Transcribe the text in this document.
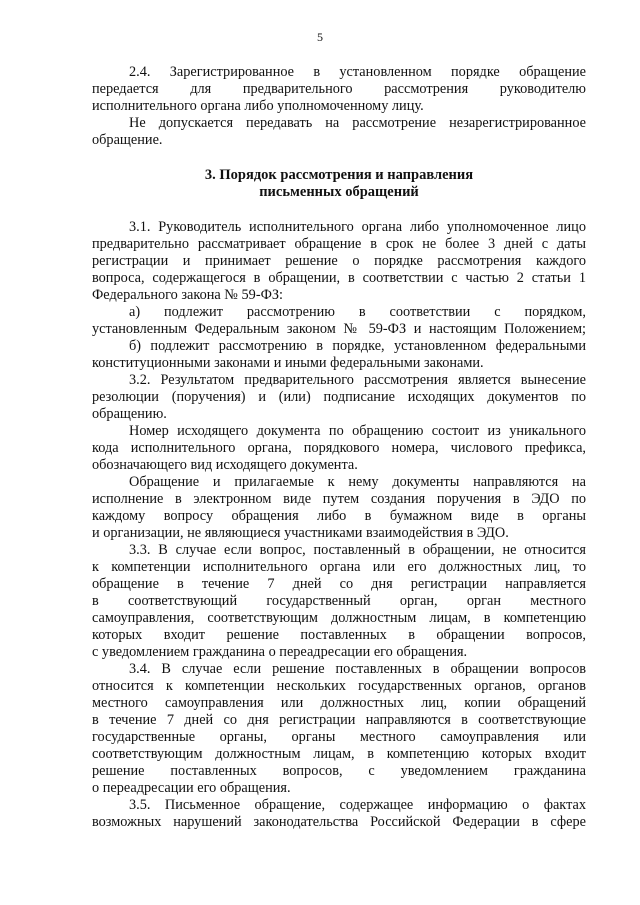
5
2.4. Зарегистрированное в установленном порядке обращение
передается для предварительного рассмотрения руководителю
исполнительного органа либо уполномоченному лицу.
Не допускается передавать на рассмотрение незарегистрированное
обращение.
3. Порядок рассмотрения и направления
письменных обращений
3.1. Руководитель исполнительного органа либо уполномоченное лицо
предварительно рассматривает обращение в срок не более 3 дней с даты
регистрации и принимает решение о порядке рассмотрения каждого
вопроса, содержащегося в обращении, в соответствии с частью 2 статьи 1
Федерального закона № 59-ФЗ:
а) подлежит рассмотрению в соответствии с порядком,
установленным Федеральным законом № 59-ФЗ и настоящим Положением;
б) подлежит рассмотрению в порядке, установленном федеральными
конституционными законами и иными федеральными законами.
3.2. Результатом предварительного рассмотрения является вынесение
резолюции (поручения) и (или) подписание исходящих документов по
обращению.
Номер исходящего документа по обращению состоит из уникального
кода исполнительного органа, порядкового номера, числового префикса,
обозначающего вид исходящего документа.
Обращение и прилагаемые к нему документы направляются на
исполнение в электронном виде путем создания поручения в ЭДО по
каждому вопросу обращения либо в бумажном виде в органы
и организации, не являющиеся участниками взаимодействия в ЭДО.
3.3. В случае если вопрос, поставленный в обращении, не относится
к компетенции исполнительного органа или его должностных лиц, то
обращение в течение 7 дней со дня регистрации направляется
в соответствующий государственный орган, орган местного
самоуправления, соответствующим должностным лицам, в компетенцию
которых входит решение поставленных в обращении вопросов,
с уведомлением гражданина о переадресации его обращения.
3.4. В случае если решение поставленных в обращении вопросов
относится к компетенции нескольких государственных органов, органов
местного самоуправления или должностных лиц, копии обращений
в течение 7 дней со дня регистрации направляются в соответствующие
государственные органы, органы местного самоуправления или
соответствующим должностным лицам, в компетенцию которых входит
решение поставленных вопросов, с уведомлением гражданина
о переадресации его обращения.
3.5. Письменное обращение, содержащее информацию о фактах
возможных нарушений законодательства Российской Федерации в сфере
